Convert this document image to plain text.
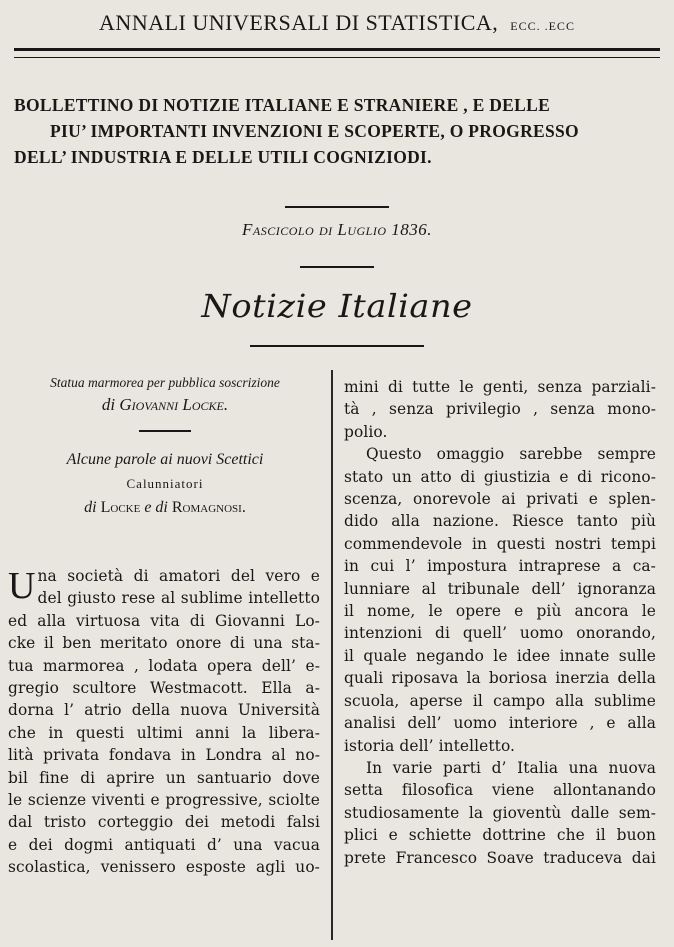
ANNALI UNIVERSALI DI STATISTICA, ECC. .ECC
BOLLETTINO DI NOTIZIE ITALIANE E STRANIERE , E DELLE
PIU’ IMPORTANTI INVENZIONI E SCOPERTE, O PROGRESSO
DELL’ INDUSTRIA E DELLE UTILI COGNIZIODI.
Fascicolo di Luglio 1836.
Notizie Italiane
Statua marmorea per pubblica soscrizione
di Giovanni Locke.
Alcune parole ai nuovi Scettici
Calunniatori
di Locke e di Romagnosi.
U na società di amatori del vero e
del giusto rese al sublime intelletto
ed alla virtuosa vita di Giovanni Lo-
cke il ben meritato onore di una sta-
tua marmorea , lodata opera dell’ e-
gregio scultore Westmacott. Ella a-
dorna l’ atrio della nuova Università
che in questi ultimi anni la libera-
lità privata fondava in Londra al no-
bil fine di aprire un santuario dove
le scienze viventi e progressive, sciolte
dal tristo corteggio dei metodi falsi
e dei dogmi antiquati d’ una vacua
scolastica, venissero esposte agli uo-
mini di tutte le genti, senza parziali-
tà , senza privilegio , senza mono-
polio.
Questo omaggio sarebbe sempre
stato un atto di giustizia e di ricono-
scenza, onorevole ai privati e splen-
dido alla nazione. Riesce tanto più
commendevole in questi nostri tempi
in cui l’ impostura intraprese a ca-
lunniare al tribunale dell’ ignoranza
il nome, le opere e più ancora le
intenzioni di quell’ uomo onorando,
il quale negando le idee innate sulle
quali riposava la boriosa inerzia della
scuola, aperse il campo alla sublime
analisi dell’ uomo interiore , e alla
istoria dell’ intelletto.
In varie parti d’ Italia una nuova
setta filosofica viene allontanando
studiosamente la gioventù dalle sem-
plici e schiette dottrine che il buon
prete Francesco Soave traduceva dai
